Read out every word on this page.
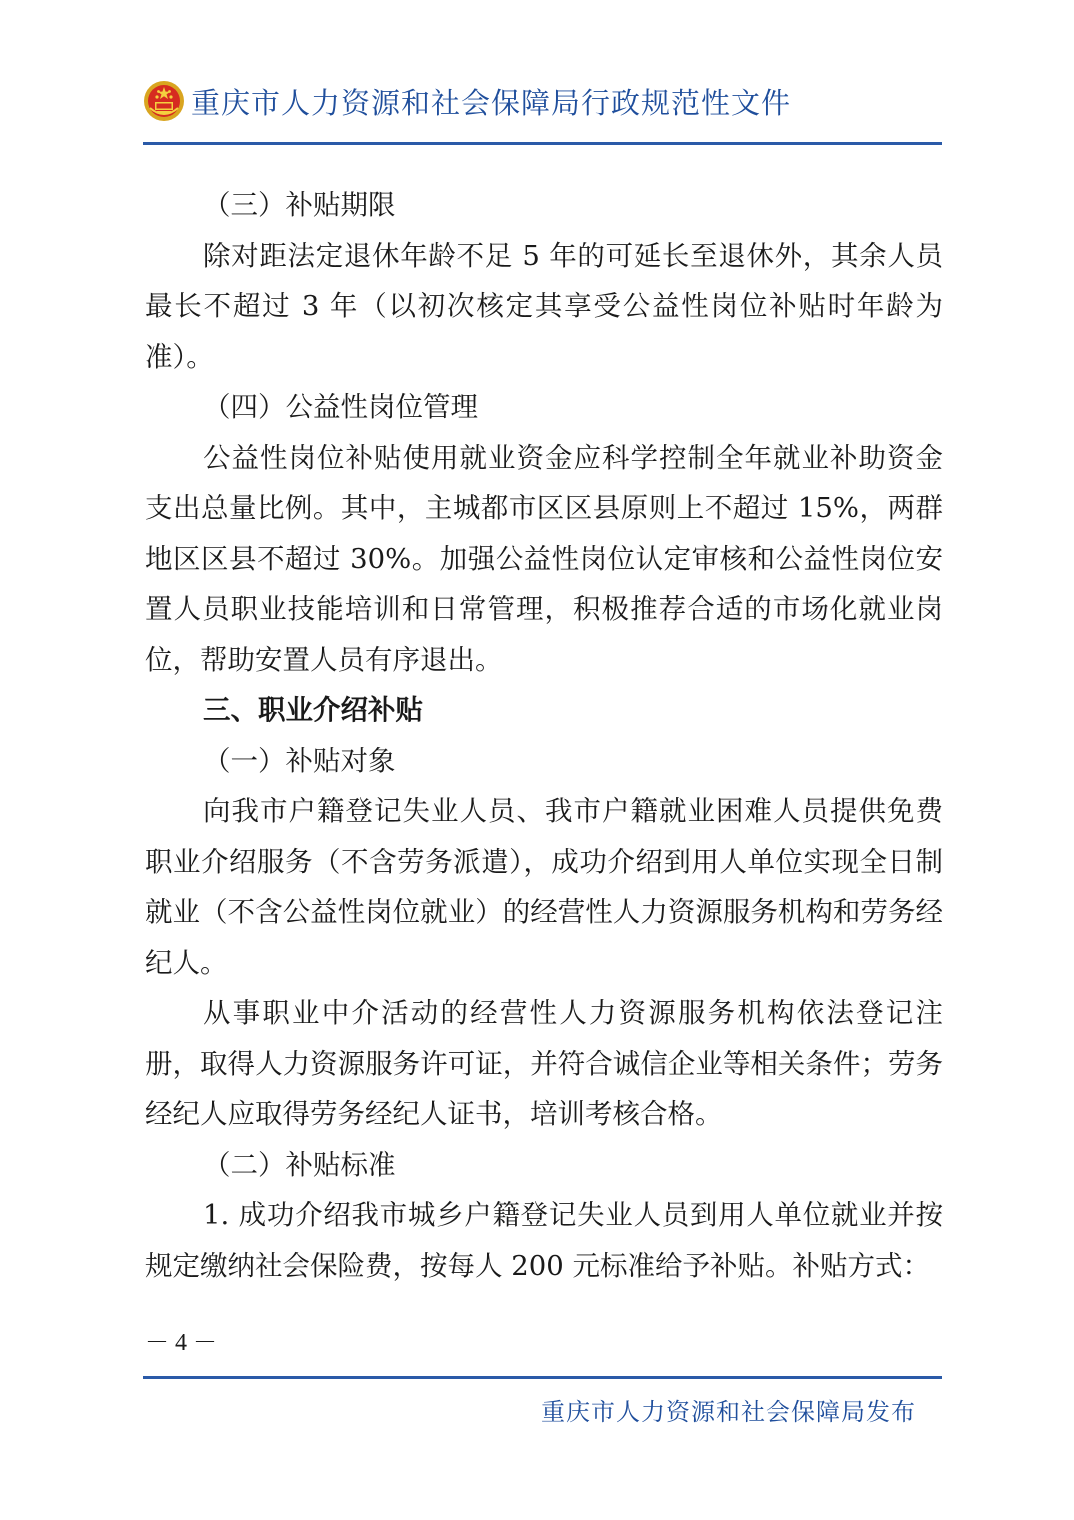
重庆市人力资源和社会保障局行政规范性文件

（三）补贴期限

除对距法定退休年龄不足 5 年的可延长至退休外，其余人员最长不超过 3 年（以初次核定其享受公益性岗位补贴时年龄为准）。

（四）公益性岗位管理

公益性岗位补贴使用就业资金应科学控制全年就业补助资金支出总量比例。其中，主城都市区区县原则上不超过 15%，两群地区区县不超过 30%。加强公益性岗位认定审核和公益性岗位安置人员职业技能培训和日常管理，积极推荐合适的市场化就业岗位，帮助安置人员有序退出。

三、职业介绍补贴

（一）补贴对象

向我市户籍登记失业人员、我市户籍就业困难人员提供免费职业介绍服务（不含劳务派遣），成功介绍到用人单位实现全日制就业（不含公益性岗位就业）的经营性人力资源服务机构和劳务经纪人。

从事职业中介活动的经营性人力资源服务机构依法登记注册，取得人力资源服务许可证，并符合诚信企业等相关条件；劳务经纪人应取得劳务经纪人证书，培训考核合格。

（二）补贴标准

1. 成功介绍我市城乡户籍登记失业人员到用人单位就业并按规定缴纳社会保险费，按每人 200 元标准给予补贴。补贴方式：

－ 4 －
重庆市人力资源和社会保障局发布
